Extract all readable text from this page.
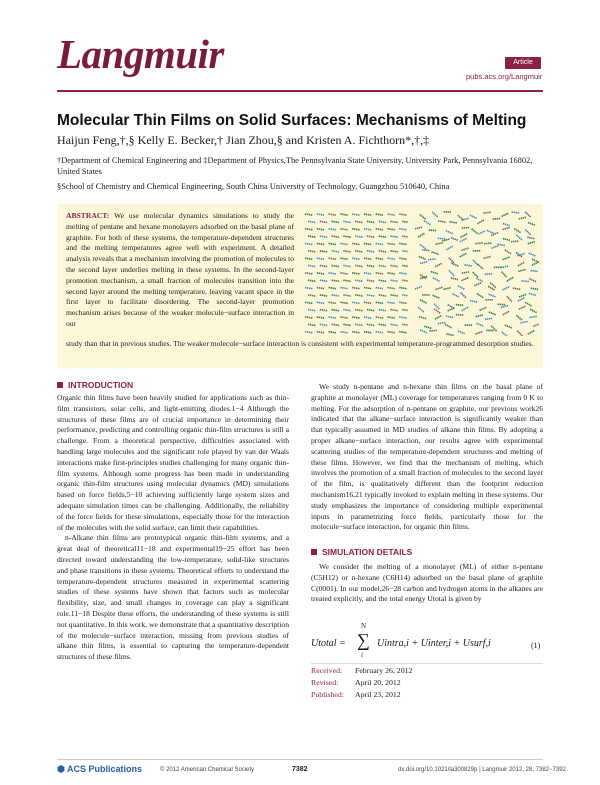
Langmuir	Article
pubs.acs.org/Langmuir
Molecular Thin Films on Solid Surfaces: Mechanisms of Melting
Haijun Feng,†,§ Kelly E. Becker,† Jian Zhou,§ and Kristen A. Fichthorn*,†,‡
†Department of Chemical Engineering and ‡Department of Physics,The Pennsylvania State University, University Park, Pennsylvania 16802, United States
§School of Chemistry and Chemical Engineering, South China University of Technology, Guangzhou 510640, China
ABSTRACT: We use molecular dynamics simulations to study the melting of pentane and hexane monolayers adsorbed on the basal plane of graphite. For both of these systems, the temperature-dependent structures and the melting temperatures agree well with experiment. A detailed analysis reveals that a mechanism involving the promotion of molecules to the second layer underlies melting in these systems. In the second-layer promotion mechanism, a small fraction of molecules transition into the second layer around the melting temperature, leaving vacant space in the first layer to facilitate disordering. The second-layer promotion mechanism arises because of the weaker molecule−surface interaction in our
study than that in previous studies. The weaker molecule−surface interaction is consistent with experimental temperature-programmed desorption studies.
INTRODUCTION

Organic thin films have been heavily studied for applications such as thin-film transistors, solar cells, and light-emitting diodes.1−4 Although the structures of these films are of crucial importance in determining their performance, predicting and controlling organic thin-film structures is still a challenge. From a theoretical perspective, difficulties associated with handling large molecules and the significant role played by van der Waals interactions make first-principles studies challenging for many organic thin-film systems. Although some progress has been made in understanding organic thin-film structures using molecular dynamics (MD) simulations based on force fields,5−10 achieving sufficiently large system sizes and adequate simulation times can be challenging. Additionally, the reliability of the force fields for these simulations, especially those for the interaction of the molecules with the solid surface, can limit their capabilities.

n-Alkane thin films are prototypical organic thin-film systems, and a great deal of theoretical11−18 and experimental19−25 effort has been directed toward understanding the low-temperature, solid-like structures and phase transitions in these systems. Theoretical efforts to understand the temperature-dependent structures measured in experimental scattering studies of these systems have shown that factors such as molecular flexibility, size, and small changes in coverage can play a significant role.11−18 Despite these efforts, the understanding of these systems is still not quantitative. In this work, we demonstrate that a quantitative description of the molecule−surface interaction, missing from previous studies of alkane thin films, is essential to capturing the temperature-dependent structures of these films.

We study n-pentane and n-hexane thin films on the basal plane of graphite at monolayer (ML) coverage for temperatures ranging from 0 K to melting. For the adsorption of n-pentane on graphite, our previous work26 indicated that the alkane−surface interaction is significantly weaker than that typically assumed in MD studies of alkane thin films. By adopting a proper alkane−surface interaction, our results agree with experimental scattering studies of the temperature-dependent structures and melting of these films. However, we find that the mechanism of melting, which involves the promotion of a small fraction of molecules to the second layer of the film, is qualitatively different than the footprint reduction mechanism16,21 typically invoked to explain melting in these systems. Our study emphasizes the importance of considering multiple experimental inputs in parametrizing force fields, particularly those for the molecule−surface interaction, for organic thin films.

SIMULATION DETAILS

We consider the melting of a monolayer (ML) of either n-pentane (C5H12) or n-hexane (C6H14) adsorbed on the basal plane of graphite C(0001). In our model,26−28 carbon and hydrogen atoms in the alkanes are treated explicitly, and the total energy Utotal is given by

Utotal =
N
∑
i
Uintra,i + Uinter,i + Usurf,i	(1)
Received: February 26, 2012
Revised: April 20, 2012
Published: April 23, 2012
⬢ ACS Publications	© 2012 American Chemical Society	7382	dx.doi.org/10.1021/la300829p | Langmuir 2012, 28, 7382−7392
